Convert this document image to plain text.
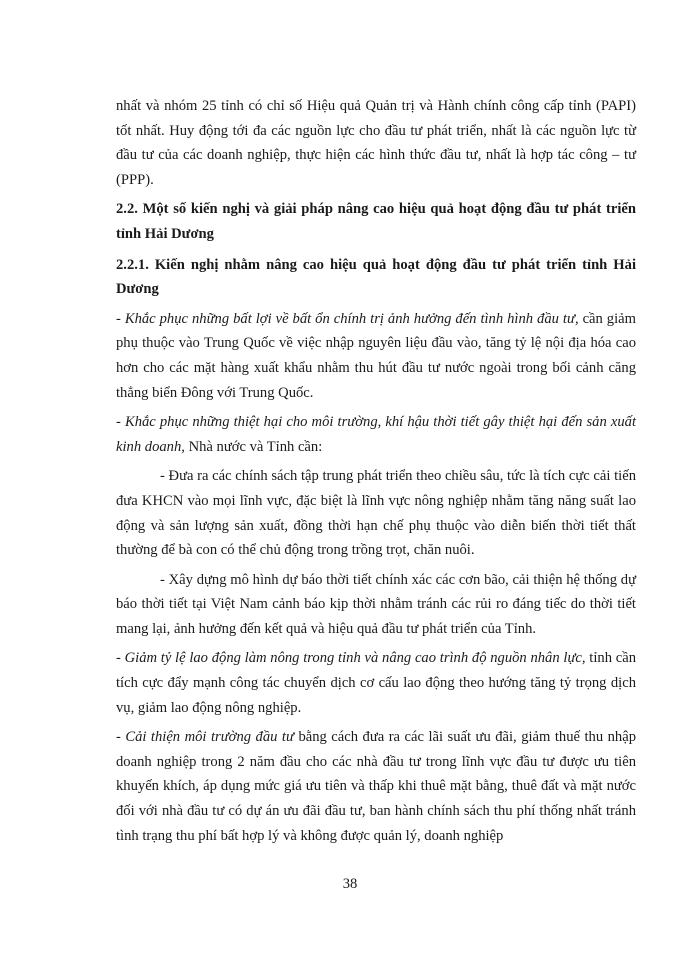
nhất và nhóm 25 tỉnh có chỉ số Hiệu quả Quản trị và Hành chính công cấp tỉnh (PAPI) tốt nhất. Huy động tới đa các nguồn lực cho đầu tư phát triển, nhất là các nguồn lực từ đầu tư của các doanh nghiệp, thực hiện các hình thức đầu tư, nhất là hợp tác công – tư (PPP).

2.2. Một số kiến nghị và giải pháp nâng cao hiệu quả hoạt động đầu tư phát triển tỉnh Hải Dương
2.2.1. Kiến nghị nhằm nâng cao hiệu quả hoạt động đầu tư phát triển tỉnh Hải Dương

- Khắc phục những bất lợi về bất ổn chính trị ảnh hưởng đến tình hình đầu tư, cần giảm phụ thuộc vào Trung Quốc về việc nhập nguyên liệu đầu vào, tăng tỷ lệ nội địa hóa cao hơn cho các mặt hàng xuất khẩu nhằm thu hút đầu tư nước ngoài trong bối cảnh căng thẳng biển Đông với Trung Quốc.

- Khắc phục những thiệt hại cho môi trường, khí hậu thời tiết gây thiệt hại đến sản xuất kinh doanh, Nhà nước và Tỉnh cần:

- Đưa ra các chính sách tập trung phát triển theo chiều sâu, tức là tích cực cải tiến đưa KHCN vào mọi lĩnh vực, đặc biệt là lĩnh vực nông nghiệp nhằm tăng năng suất lao động và sản lượng sản xuất, đồng thời hạn chế phụ thuộc vào diễn biến thời tiết thất thường để bà con có thể chủ động trong trồng trọt, chăn nuôi.

- Xây dựng mô hình dự báo thời tiết chính xác các cơn bão, cải thiện hệ thống dự báo thời tiết tại Việt Nam cảnh báo kịp thời nhằm tránh các rủi ro đáng tiếc do thời tiết mang lại, ảnh hưởng đến kết quả và hiệu quả đầu tư phát triển của Tỉnh.

- Giảm tỷ lệ lao động làm nông trong tỉnh và nâng cao trình độ nguồn nhân lực, tỉnh cần tích cực đẩy mạnh công tác chuyển dịch cơ cấu lao động theo hướng tăng tỷ trọng dịch vụ, giảm lao động nông nghiệp.

- Cải thiện môi trường đầu tư bằng cách đưa ra các lãi suất ưu đãi, giảm thuế thu nhập doanh nghiệp trong 2 năm đầu cho các nhà đầu tư trong lĩnh vực đầu tư được ưu tiên khuyến khích, áp dụng mức giá ưu tiên và thấp khi thuê mặt bằng, thuê đất và mặt nước đối với nhà đầu tư có dự án ưu đãi đầu tư, ban hành chính sách thu phí thống nhất tránh tình trạng thu phí bất hợp lý và không được quản lý, doanh nghiệp

38
